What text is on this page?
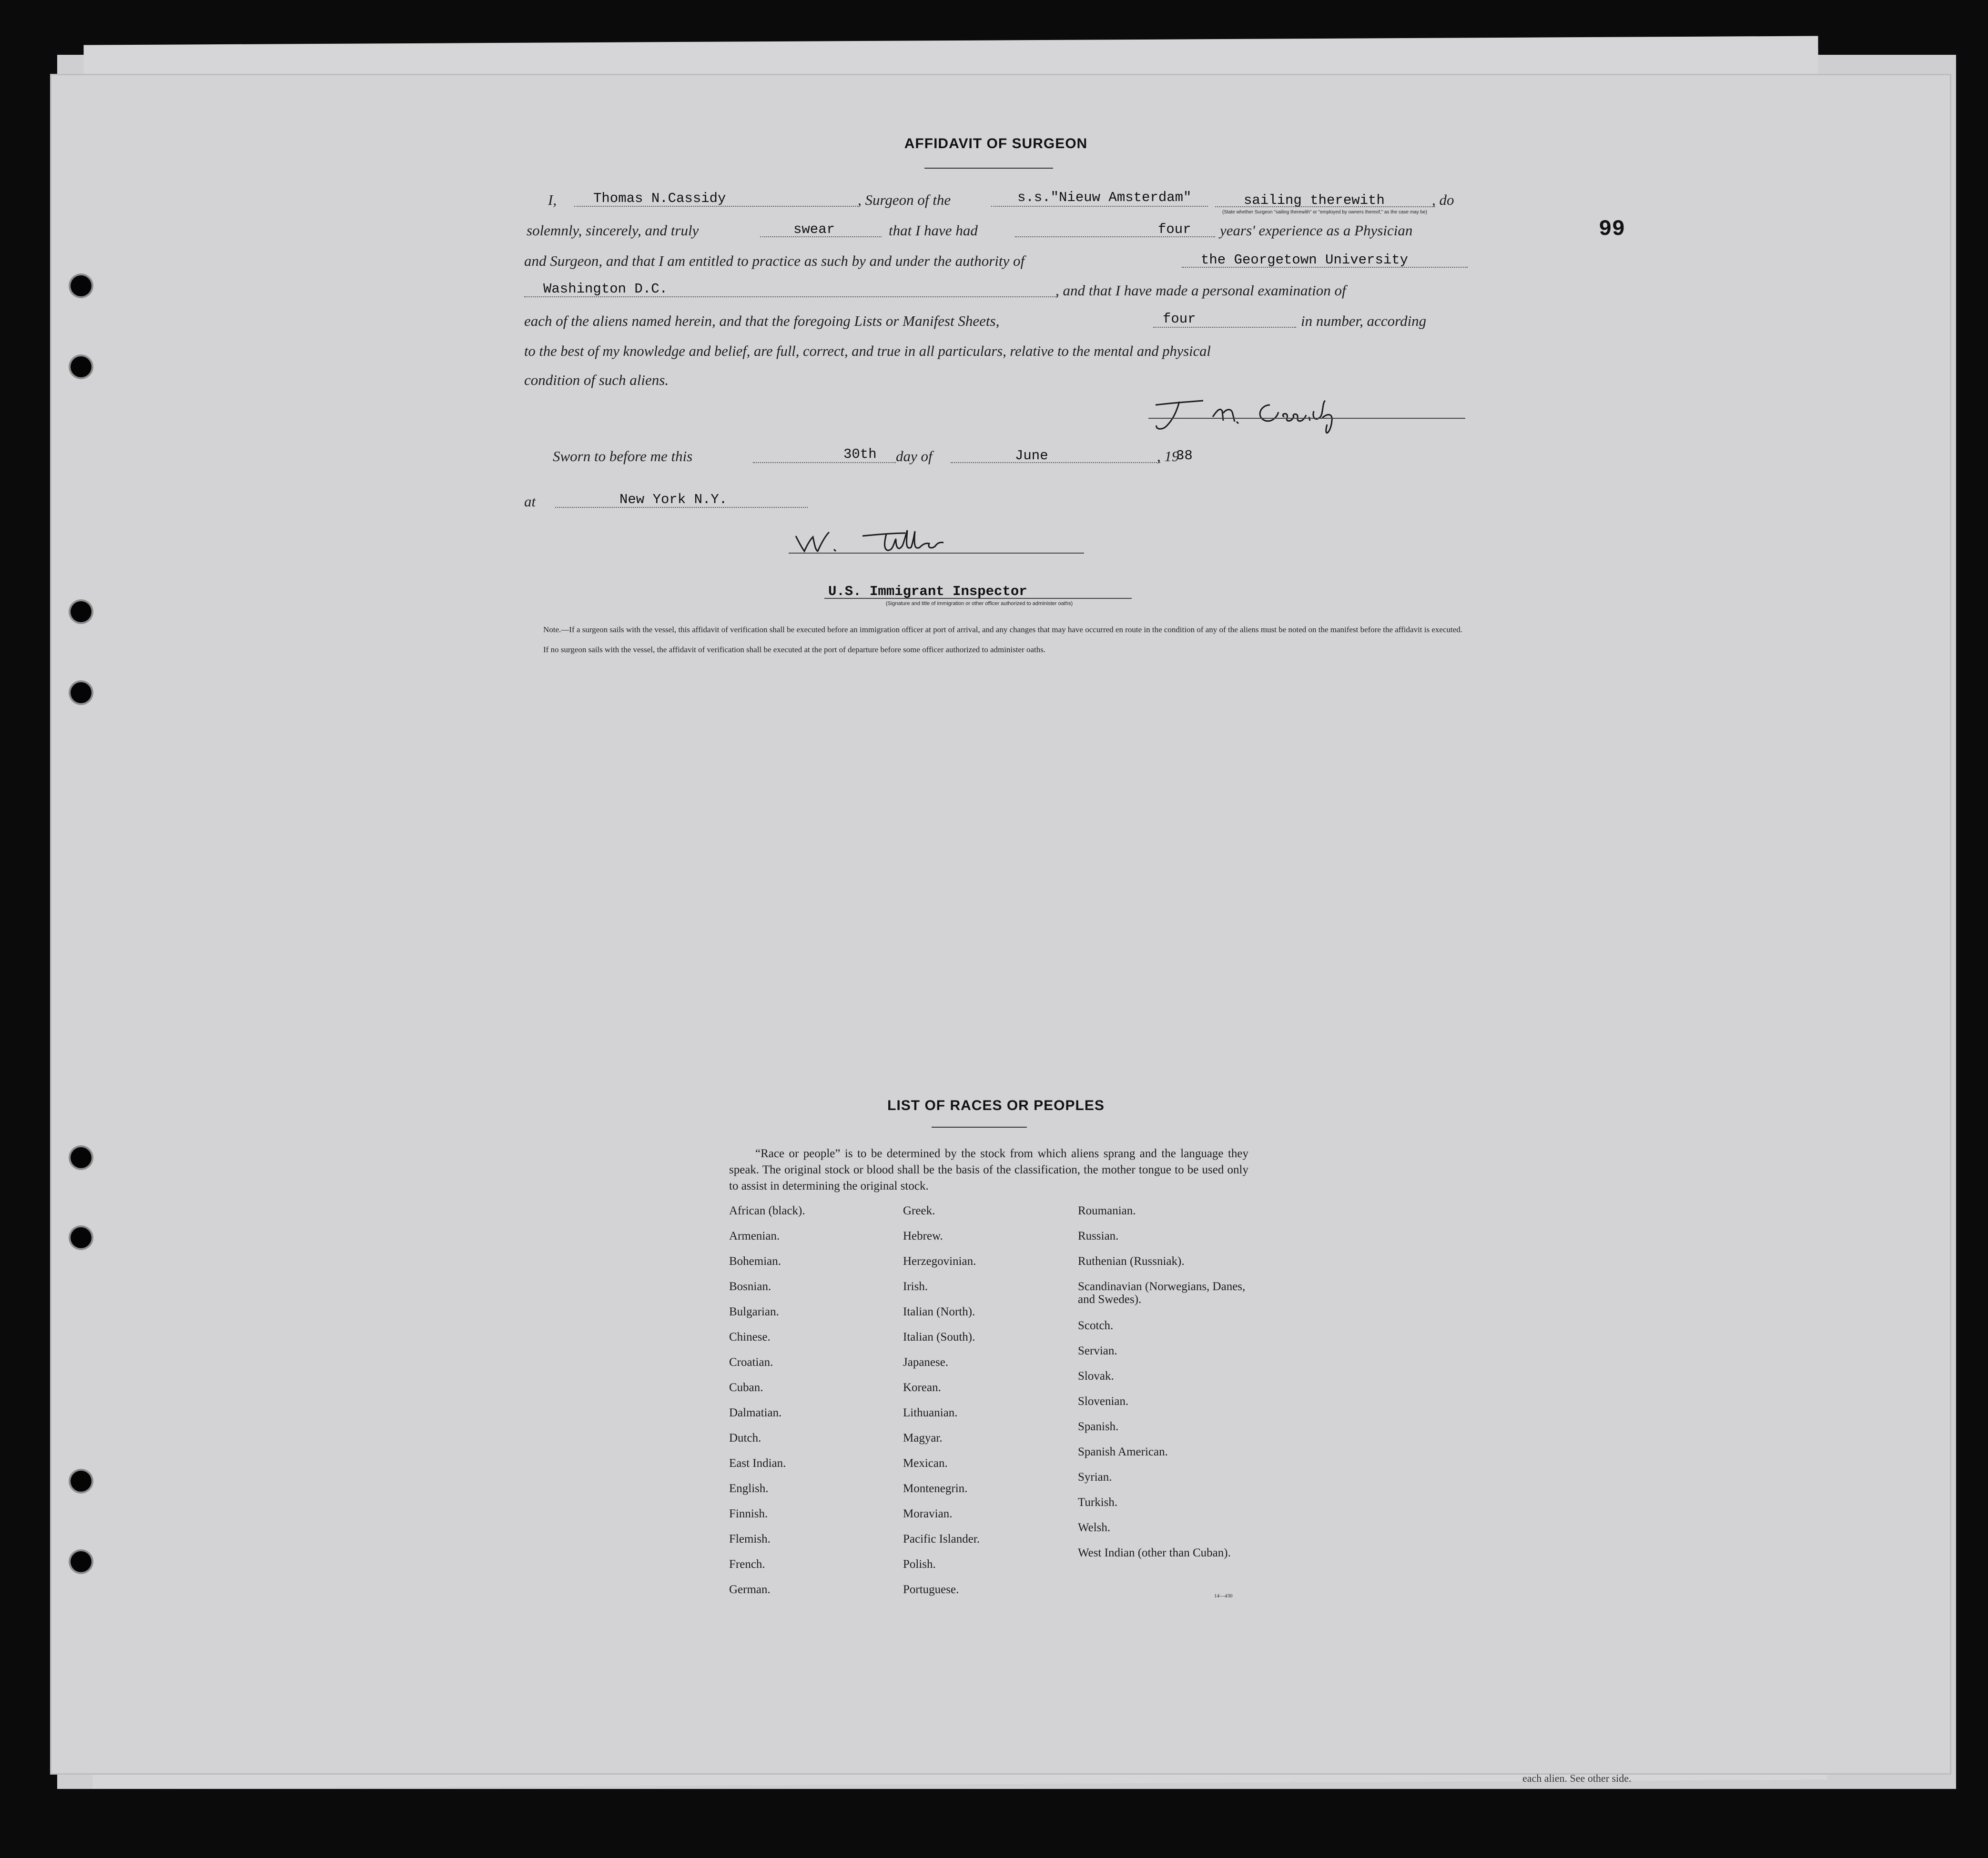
99
AFFIDAVIT OF SURGEON
I,	Thomas N.Cassidy	, Surgeon of the	s.s."Nieuw Amsterdam"	sailing therewith	, do
(State whether Surgeon "sailing therewith" or "employed by owners thereof," as the case may be)
solemnly, sincerely, and truly	swear	that I have had	four years' experience as a Physician
and Surgeon, and that I am entitled to practice as such by and under the authority of	the Georgetown University
Washington D.C.	, and that I have made a personal examination of
each of the aliens named herein, and that the foregoing Lists or Manifest Sheets,	four	in number, according
to the best of my knowledge and belief, are full, correct, and true in all particulars, relative to the mental and physical
condition of such aliens.
Sworn to before me this	30th day of	June	, 19
38
at	New York N.Y.
U.S. Immigrant Inspector
(Signature and title of immigration or other officer authorized to administer oaths)
Note.—If a surgeon sails with the vessel, this affidavit of verification shall be executed before an immigration officer at port of arrival, and any changes that may have occurred en route in the condition of any of the aliens must be noted on the manifest before the affidavit is executed.
If no surgeon sails with the vessel, the affidavit of verification shall be executed at the port of departure before some officer authorized to administer oaths.
LIST OF RACES OR PEOPLES
“Race or people” is to be determined by the stock from which aliens sprang and the language they speak. The original stock or blood shall be the basis of the classification, the mother tongue to be used only to assist in determining the original stock.
African (black).
Armenian.
Bohemian.
Bosnian.
Bulgarian.
Chinese.
Croatian.
Cuban.
Dalmatian.
Dutch.
East Indian.
English.
Finnish.
Flemish.
French.
German.
Greek.
Hebrew.
Herzegovinian.
Irish.
Italian (North).
Italian (South).
Japanese.
Korean.
Lithuanian.
Magyar.
Mexican.
Montenegrin.
Moravian.
Pacific Islander.
Polish.
Portuguese.
Roumanian.
Russian.
Ruthenian (Russniak).
Scandinavian (Norwegians, Danes, and Swedes).
Scotch.
Servian.
Slovak.
Slovenian.
Spanish.
Spanish American.
Syrian.
Turkish.
Welsh.
West Indian (other than Cuban).
14—430
each alien. See other side.
